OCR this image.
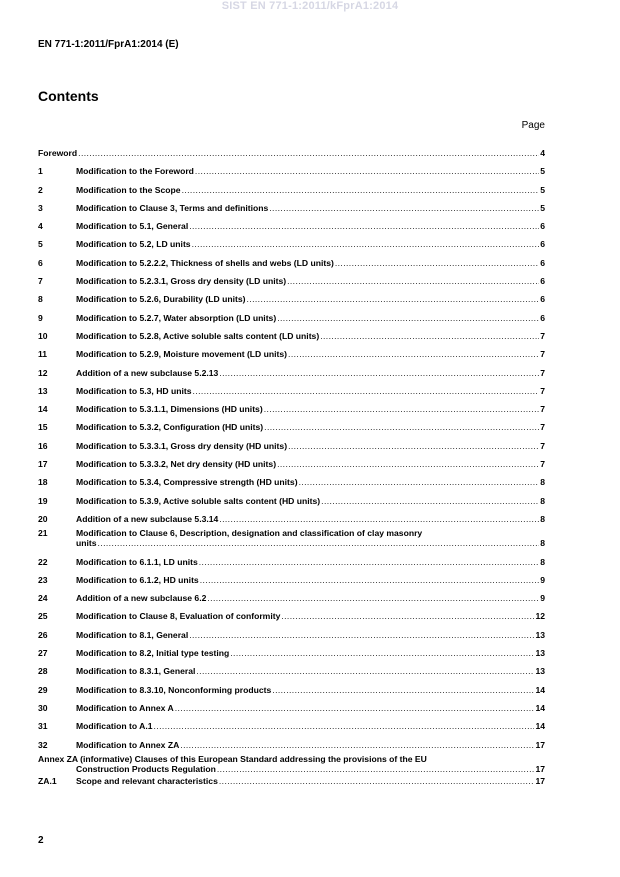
SIST EN 771-1:2011/kFprA1:2014
EN 771-1:2011/FprA1:2014 (E)
Contents
Page
Foreword .....	4
1	Modification to the Foreword .....	5
2	Modification to the Scope .....	5
3	Modification to Clause 3, Terms and definitions .....	5
4	Modification to 5.1, General .....	6
5	Modification to 5.2, LD units .....	6
6	Modification to 5.2.2.2, Thickness of shells and webs (LD units) .....	6
7	Modification to 5.2.3.1, Gross dry density (LD units) .....	6
8	Modification to 5.2.6, Durability (LD units) .....	6
9	Modification to 5.2.7, Water absorption (LD units) .....	6
10	Modification to 5.2.8, Active soluble salts content (LD units) .....	7
11	Modification to 5.2.9, Moisture movement (LD units) .....	7
12	Addition of a new subclause 5.2.13 .....	7
13	Modification to 5.3, HD units .....	7
14	Modification to 5.3.1.1, Dimensions (HD units) .....	7
15	Modification to 5.3.2, Configuration (HD units) .....	7
16	Modification to 5.3.3.1, Gross dry density (HD units) .....	7
17	Modification to 5.3.3.2, Net dry density (HD units) .....	7
18	Modification to 5.3.4, Compressive strength (HD units) .....	8
19	Modification to 5.3.9, Active soluble salts content (HD units) .....	8
20	Addition of a new subclause 5.3.14 .....	8
21	Modification to Clause 6, Description, designation and classification of clay masonry
units .....	8
22	Modification to 6.1.1, LD units .....	8
23	Modification to 6.1.2, HD units .....	9
24	Addition of a new subclause 6.2 .....	9
25	Modification to Clause 8, Evaluation of conformity .....	12
26	Modification to 8.1, General .....	13
27	Modification to 8.2, Initial type testing .....	13
28	Modification to 8.3.1, General .....	13
29	Modification to 8.3.10, Nonconforming products .....	14
30	Modification to Annex A .....	14
31	Modification to A.1 .....	14
32	Modification to Annex ZA .....	17
Annex ZA (informative) Clauses of this European Standard addressing the provisions of the EU
Construction Products Regulation .....	17
ZA.1	Scope and relevant characteristics .....	17
2
